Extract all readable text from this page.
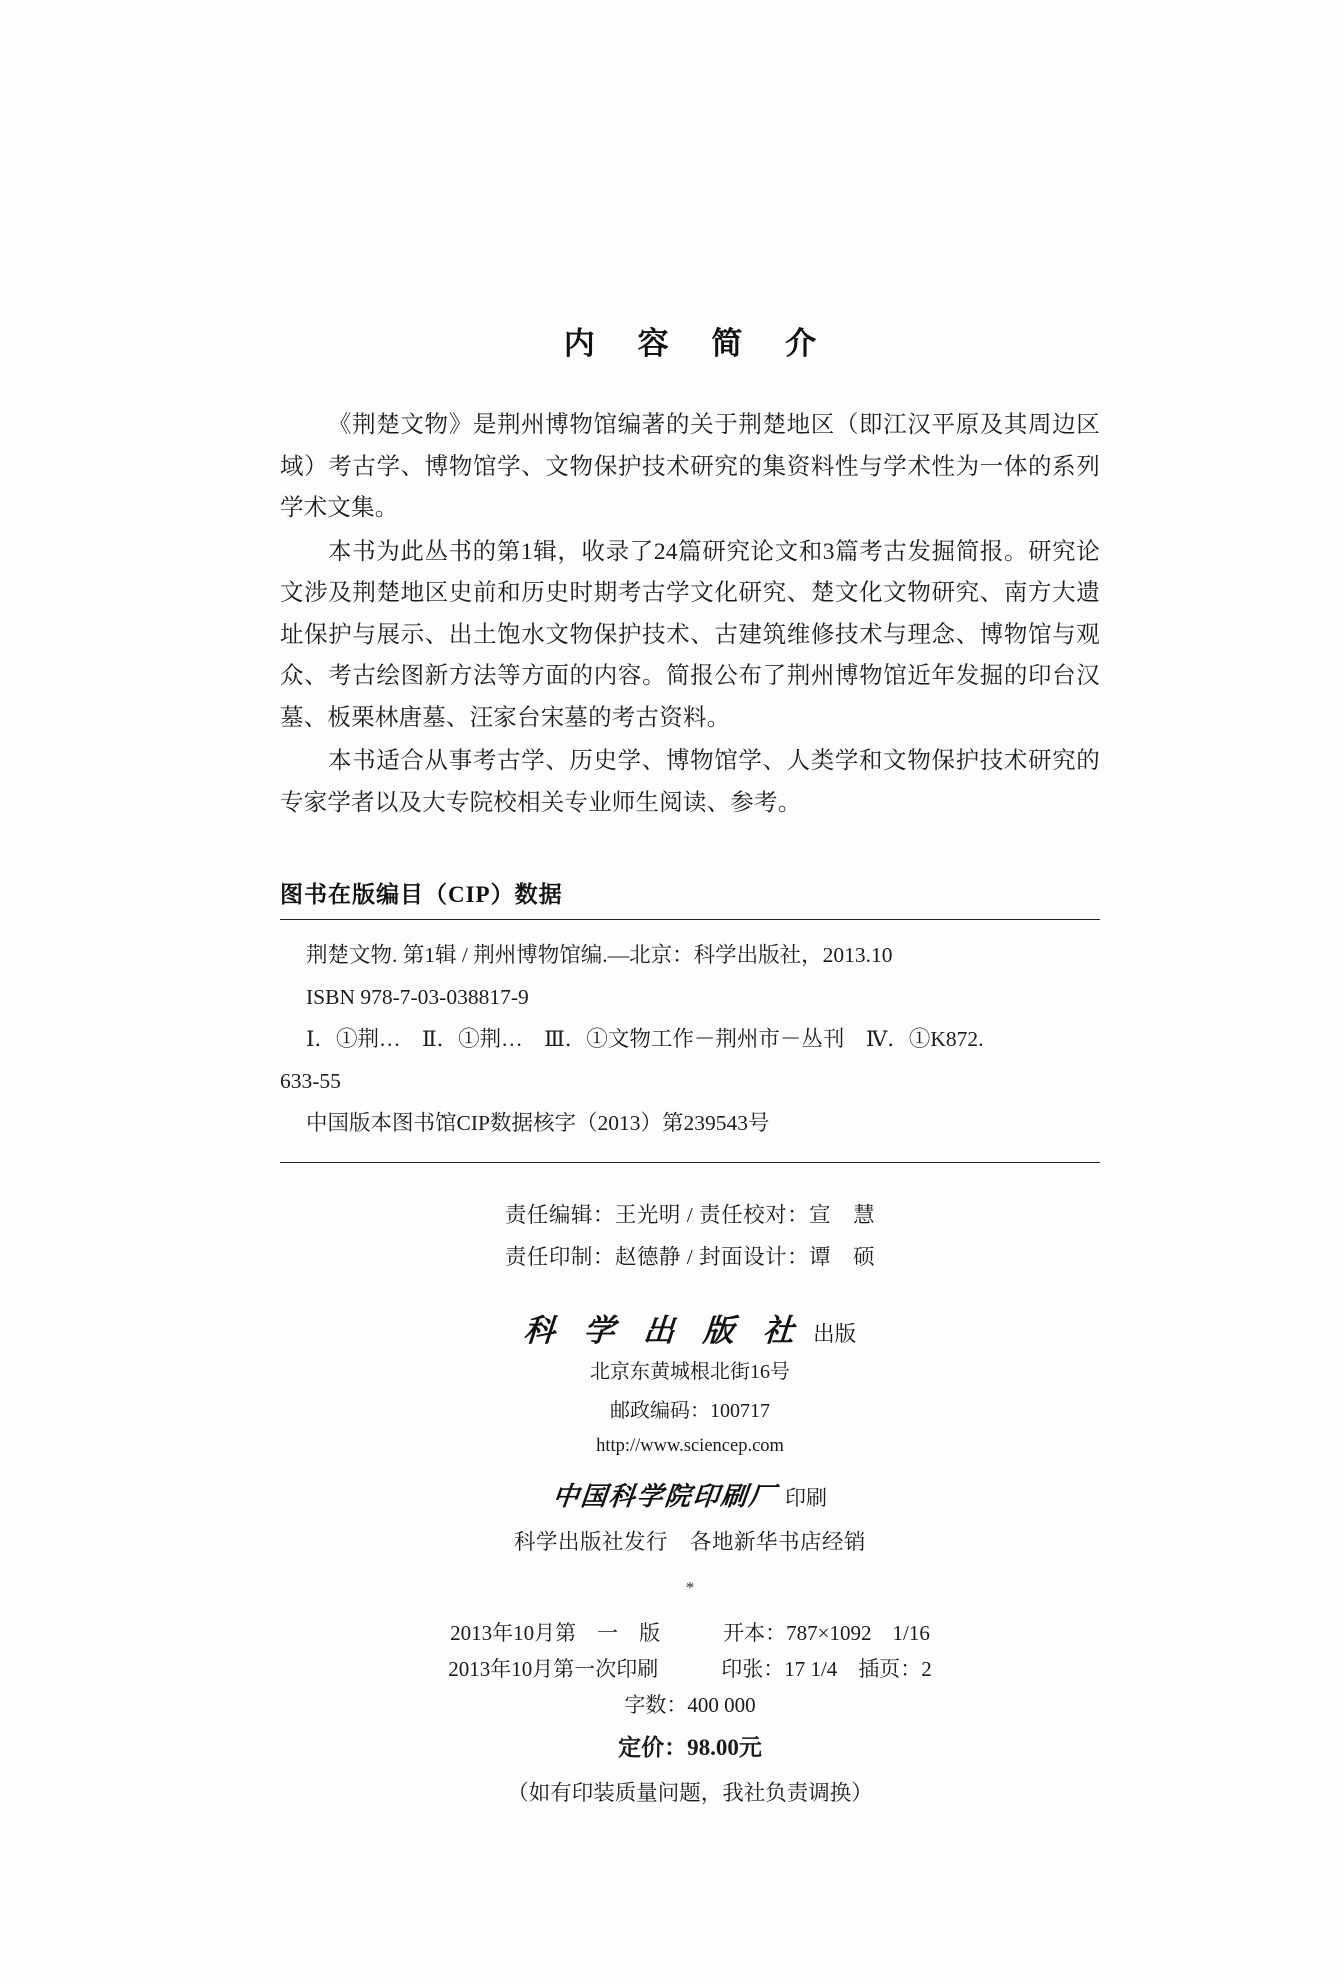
内 容 简 介

《荆楚文物》是荆州博物馆编著的关于荆楚地区（即江汉平原及其周边区域）考古学、博物馆学、文物保护技术研究的集资料性与学术性为一体的系列学术文集。

本书为此丛书的第1辑，收录了24篇研究论文和3篇考古发掘简报。研究论文涉及荆楚地区史前和历史时期考古学文化研究、楚文化文物研究、南方大遗址保护与展示、出土饱水文物保护技术、古建筑维修技术与理念、博物馆与观众、考古绘图新方法等方面的内容。简报公布了荆州博物馆近年发掘的印台汉墓、板栗林唐墓、汪家台宋墓的考古资料。

本书适合从事考古学、历史学、博物馆学、人类学和文物保护技术研究的专家学者以及大专院校相关专业师生阅读、参考。

图书在版编目（CIP）数据

荆楚文物. 第1辑 / 荆州博物馆编.—北京：科学出版社，2013.10

ISBN 978-7-03-038817-9

Ⅰ．①荆…　Ⅱ．①荆…　Ⅲ．①文物工作－荆州市－丛刊　Ⅳ．①K872.

633-55

中国版本图书馆CIP数据核字（2013）第239543号

责任编辑：王光明 / 责任校对：宣　慧

责任印制：赵德静 / 封面设计：谭　硕

科 学 出 版 社 出版

北京东黄城根北街16号

邮政编码：100717

http://www.sciencep.com

中国科学院印刷厂 印刷

科学出版社发行　各地新华书店经销

*

2013年10月第　一　版　　　开本：787×1092　1/16
2013年10月第一次印刷　　　印张：17 1/4　插页：2
字数：400 000
定价：98.00元
（如有印装质量问题，我社负责调换）
